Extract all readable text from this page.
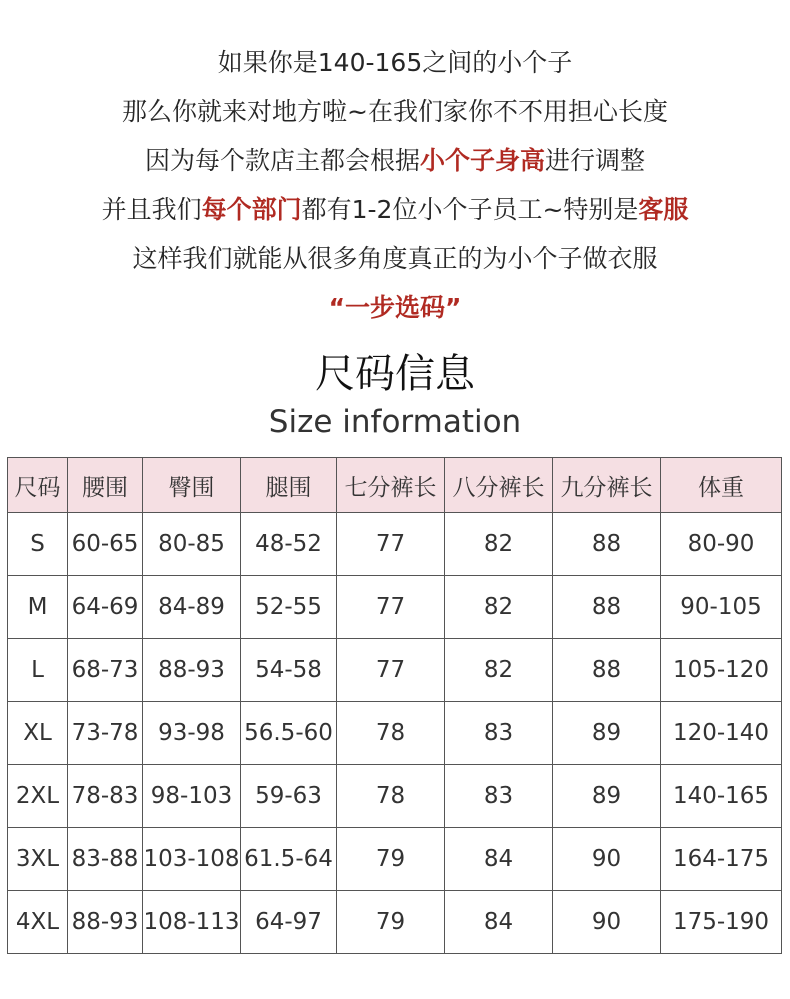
如果你是140-165之间的小个子
那么你就来对地方啦~在我们家你不不用担心长度
因为每个款店主都会根据小个子身高进行调整
并且我们每个部门都有1-2位小个子员工~特别是客服
这样我们就能从很多角度真正的为小个子做衣服
“一步选码”
尺码信息
Size information
尺码	腰围	臀围	腿围	七分裤长	八分裤长	九分裤长	体重
S	60-65	80-85	48-52	77	82	88	80-90
M	64-69	84-89	52-55	77	82	88	90-105
L	68-73	88-93	54-58	77	82	88	105-120
XL	73-78	93-98	56.5-60	78	83	89	120-140
2XL	78-83	98-103	59-63	78	83	89	140-165
3XL	83-88	103-108	61.5-64	79	84	90	164-175
4XL	88-93	108-113	64-97	79	84	90	175-190
